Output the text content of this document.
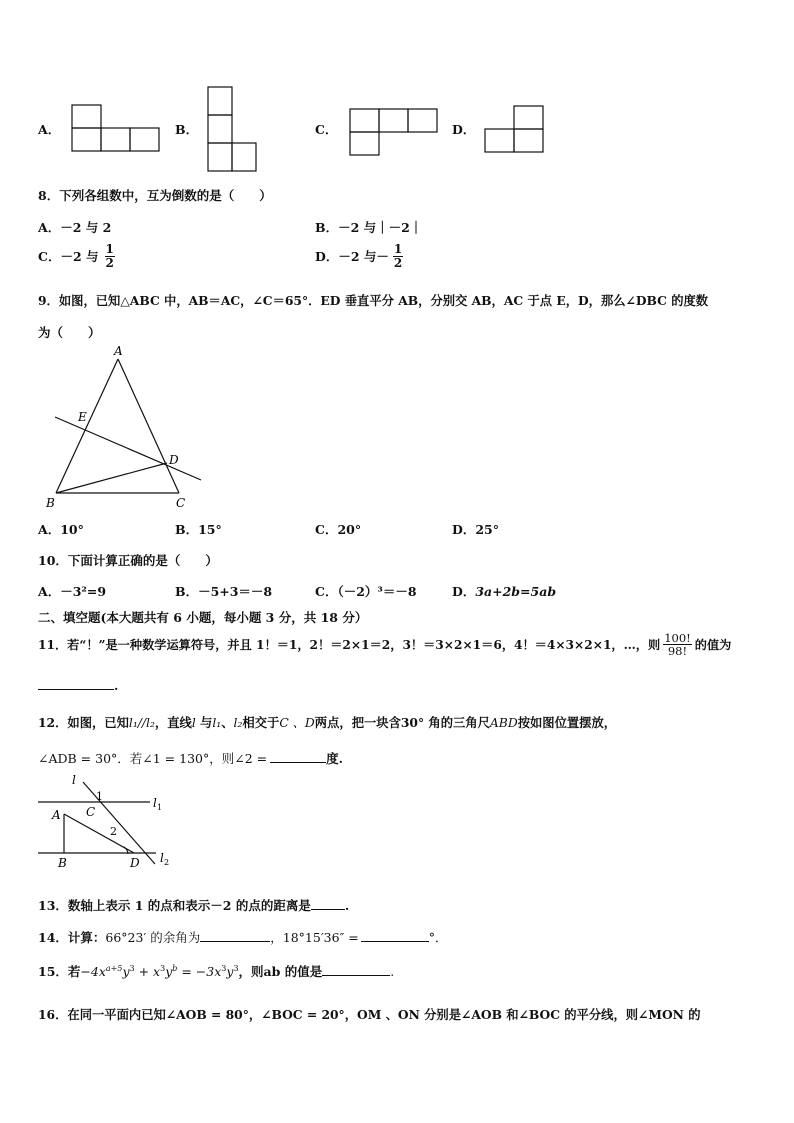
A．	B．	C．	D．
8．下列各组数中，互为倒数的是（　　）
A．－2 与 2	B．－2 与｜－2｜
C．－2 与 $\frac{1}{2}$	D．－2 与－ $\frac{1}{2}$
9．如图，已知△ABC 中，AB＝AC，∠C＝65°．ED 垂直平分 AB，分别交 AB，AC 于点 E，D，那么∠DBC 的度数
为（　　）
A
E
D
B	C
A．10°	B．15°	C．20°	D．25°
10．下面计算正确的是（　　）
A．－3²=9	B．－5+3＝－8	C．（－2）³＝－8	D．3a+2b=5ab
二、填空题(本大题共有 6 小题，每小题 3 分，共 18 分）
11．若“！”是一种数学运算符号，并且 1！＝1，2！＝2×1＝2，3！＝3×2×1＝6，4！＝4×3×2×1，…，则 $\frac{100!}{98!}$ 的值为
.
12．如图，已知l₁//l₂，直线l 与l₁、l₂相交于C 、D两点，把一块含30° 角的三角尺ABD按如图位置摆放，
∠ADB = 30°．若∠1 = 130°，则∠2 =	度.
l
1	l 1
C
A
2
B	D l 2
13．数轴上表示 1 的点和表示－2 的点的距离是	.
14．计算：66°23′ 的余角为	，18°15′36″ =	°．
15．若$-4x^{a+5}y^3 + x^3y^b = -3x^3y^3$，则ab 的值是	.
16．在同一平面内已知∠AOB = 80°，∠BOC = 20°，OM 、ON 分别是∠AOB 和∠BOC 的平分线，则∠MON 的
